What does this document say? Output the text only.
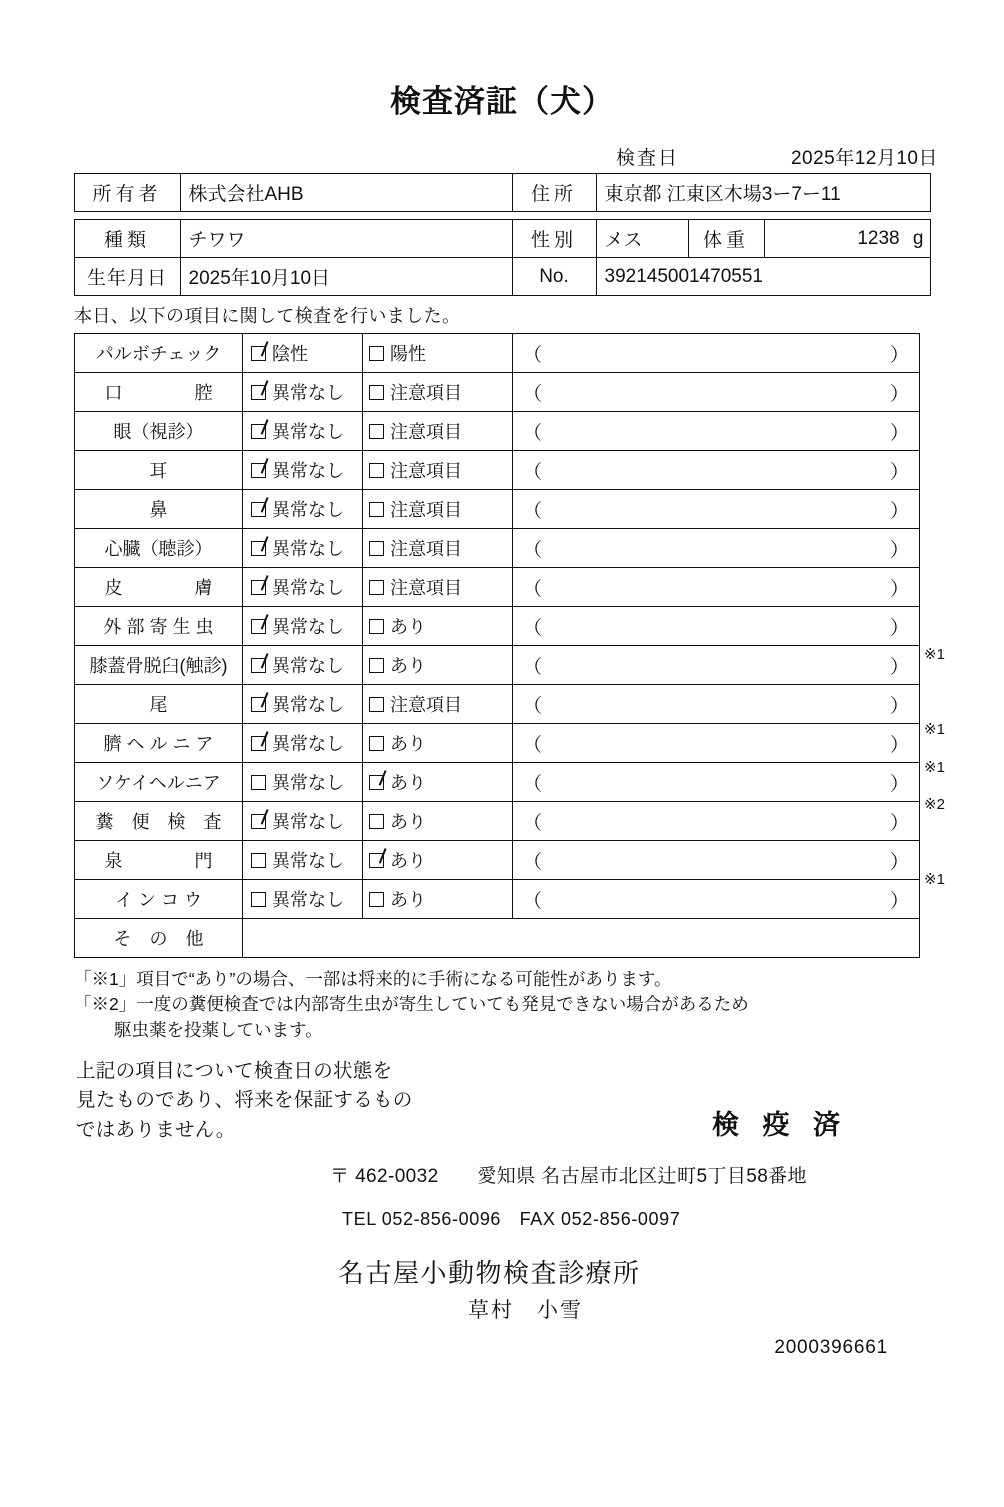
検査済証（犬）
検査日	2025年12月10日
所有者	株式会社AHB	住所	東京都 江東区木場3ー7ー11
種類	チワワ	性別	メス	体重	1238 g
生年月日	2025年10月10日	No.	392145001470551		
本日、以下の項目に関して検査を行いました。
パルボチェック	陰性	陽性	（ ）

口　　　　腔	異常なし	注意項目	（ ）

眼（視診）	異常なし	注意項目	（ ）

耳	異常なし	注意項目	（ ）

鼻	異常なし	注意項目	（ ）

心臓（聴診）	異常なし	注意項目	（ ）

皮　　　　膚	異常なし	注意項目	（ ）

外 部 寄 生 虫	異常なし	あり	（ ）

膝蓋骨脱臼(触診)	異常なし	あり	（ ）

尾	異常なし	注意項目	（ ）

臍 ヘ ル ニ ア	異常なし	あり	（ ）

ソケイヘルニア	異常なし	あり	（ ）

糞　便　検　査	異常なし	あり	（ ）

泉　　　　門	異常なし	あり	（ ）

イ ン コ ウ	異常なし	あり	（ ）

そ　の　他			
※1
※1
※1
※2
※1
「※1」項目で“あり”の場合、一部は将来的に手術になる可能性があります。
「※2」一度の糞便検査では内部寄生虫が寄生していても発見できない場合があるため
駆虫薬を投薬しています。
上記の項目について検査日の状態を
見たものであり、将来を保証するもの
ではありません。	検 疫 済
〒 462-0032　　愛知県 名古屋市北区辻町5丁目58番地
TEL 052-856-0096　FAX 052-856-0097
名古屋小動物検査診療所
草村　小雪
2000396661
